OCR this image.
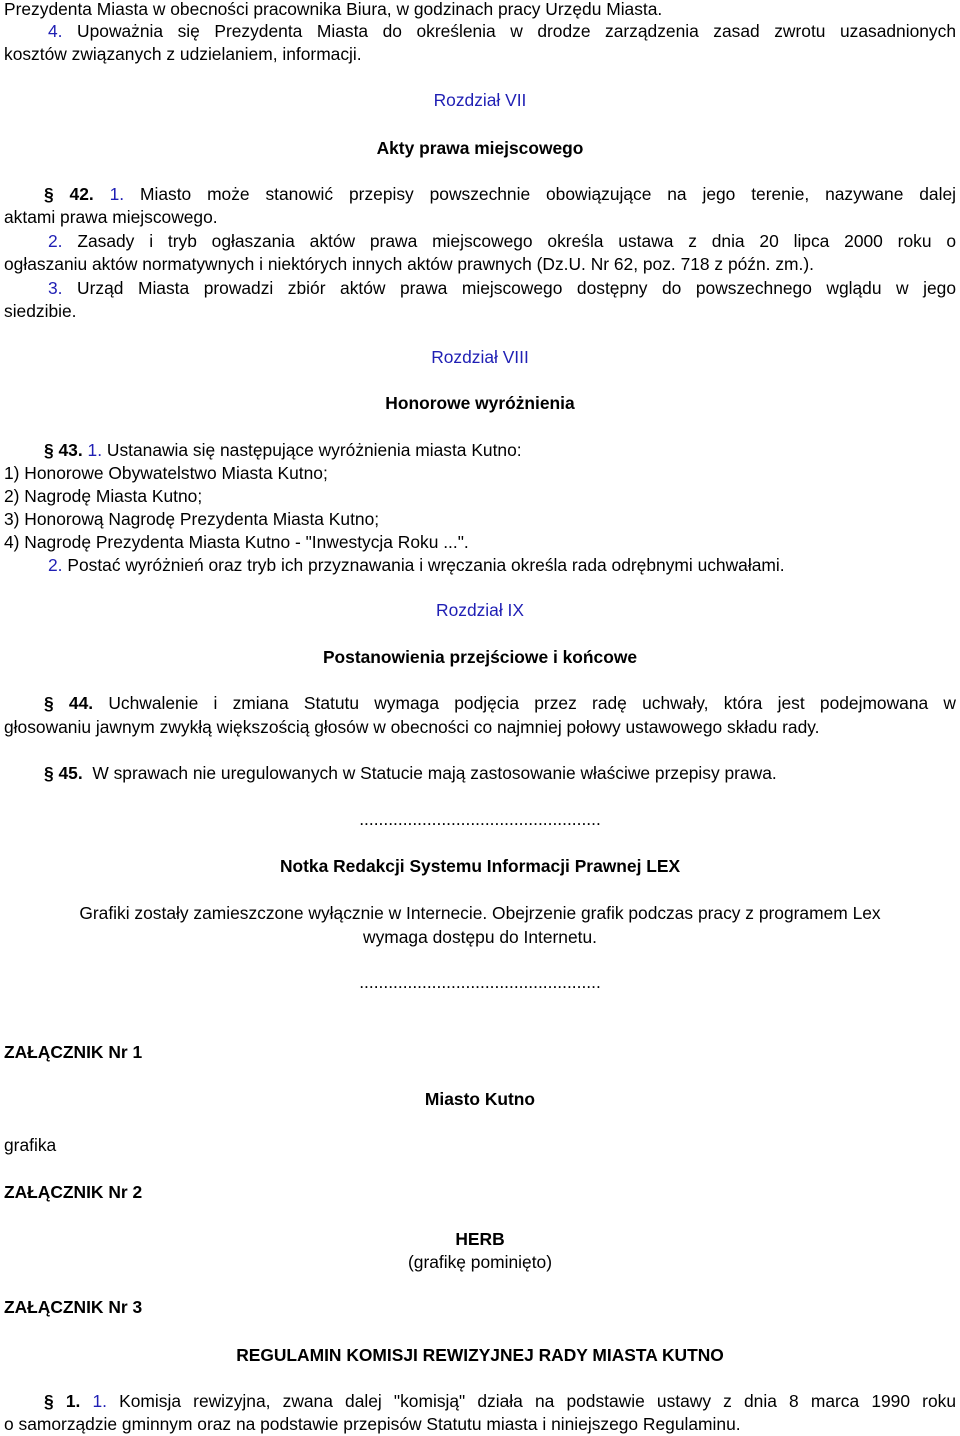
Prezydenta Miasta w obecności pracownika Biura, w godzinach pracy Urzędu Miasta.
4. Upoważnia się Prezydenta Miasta do określenia w drodze zarządzenia zasad zwrotu uzasadnionych
kosztów związanych z udzielaniem, informacji.
Rozdział VII
Akty prawa miejscowego
§ 42. 1. Miasto może stanowić przepisy powszechnie obowiązujące na jego terenie, nazywane dalej
aktami prawa miejscowego.
2. Zasady i tryb ogłaszania aktów prawa miejscowego określa ustawa z dnia 20 lipca 2000 roku o
ogłaszaniu aktów normatywnych i niektórych innych aktów prawnych (Dz.U. Nr 62, poz. 718 z późn. zm.).
3. Urząd Miasta prowadzi zbiór aktów prawa miejscowego dostępny do powszechnego wglądu w jego
siedzibie.
Rozdział VIII
Honorowe wyróżnienia
§ 43. 1. Ustanawia się następujące wyróżnienia miasta Kutno:
1) Honorowe Obywatelstwo Miasta Kutno;
2) Nagrodę Miasta Kutno;
3) Honorową Nagrodę Prezydenta Miasta Kutno;
4) Nagrodę Prezydenta Miasta Kutno - "Inwestycja Roku ...".
2. Postać wyróżnień oraz tryb ich przyznawania i wręczania określa rada odrębnymi uchwałami.
Rozdział IX
Postanowienia przejściowe i końcowe
§ 44. Uchwalenie i zmiana Statutu wymaga podjęcia przez radę uchwały, która jest podejmowana w
głosowaniu jawnym zwykłą większością głosów w obecności co najmniej połowy ustawowego składu rady.
§ 45. W sprawach nie uregulowanych w Statucie mają zastosowanie właściwe przepisy prawa.
..................................................
Notka Redakcji Systemu Informacji Prawnej LEX
Grafiki zostały zamieszczone wyłącznie w Internecie. Obejrzenie grafik podczas pracy z programem Lex
wymaga dostępu do Internetu.
..................................................
ZAŁĄCZNIK Nr 1
Miasto Kutno
grafika
ZAŁĄCZNIK Nr 2
HERB
(grafikę pominięto)
ZAŁĄCZNIK Nr 3
REGULAMIN KOMISJI REWIZYJNEJ RADY MIASTA KUTNO
§ 1. 1. Komisja rewizyjna, zwana dalej "komisją" działa na podstawie ustawy z dnia 8 marca 1990 roku
o samorządzie gminnym oraz na podstawie przepisów Statutu miasta i niniejszego Regulaminu.
